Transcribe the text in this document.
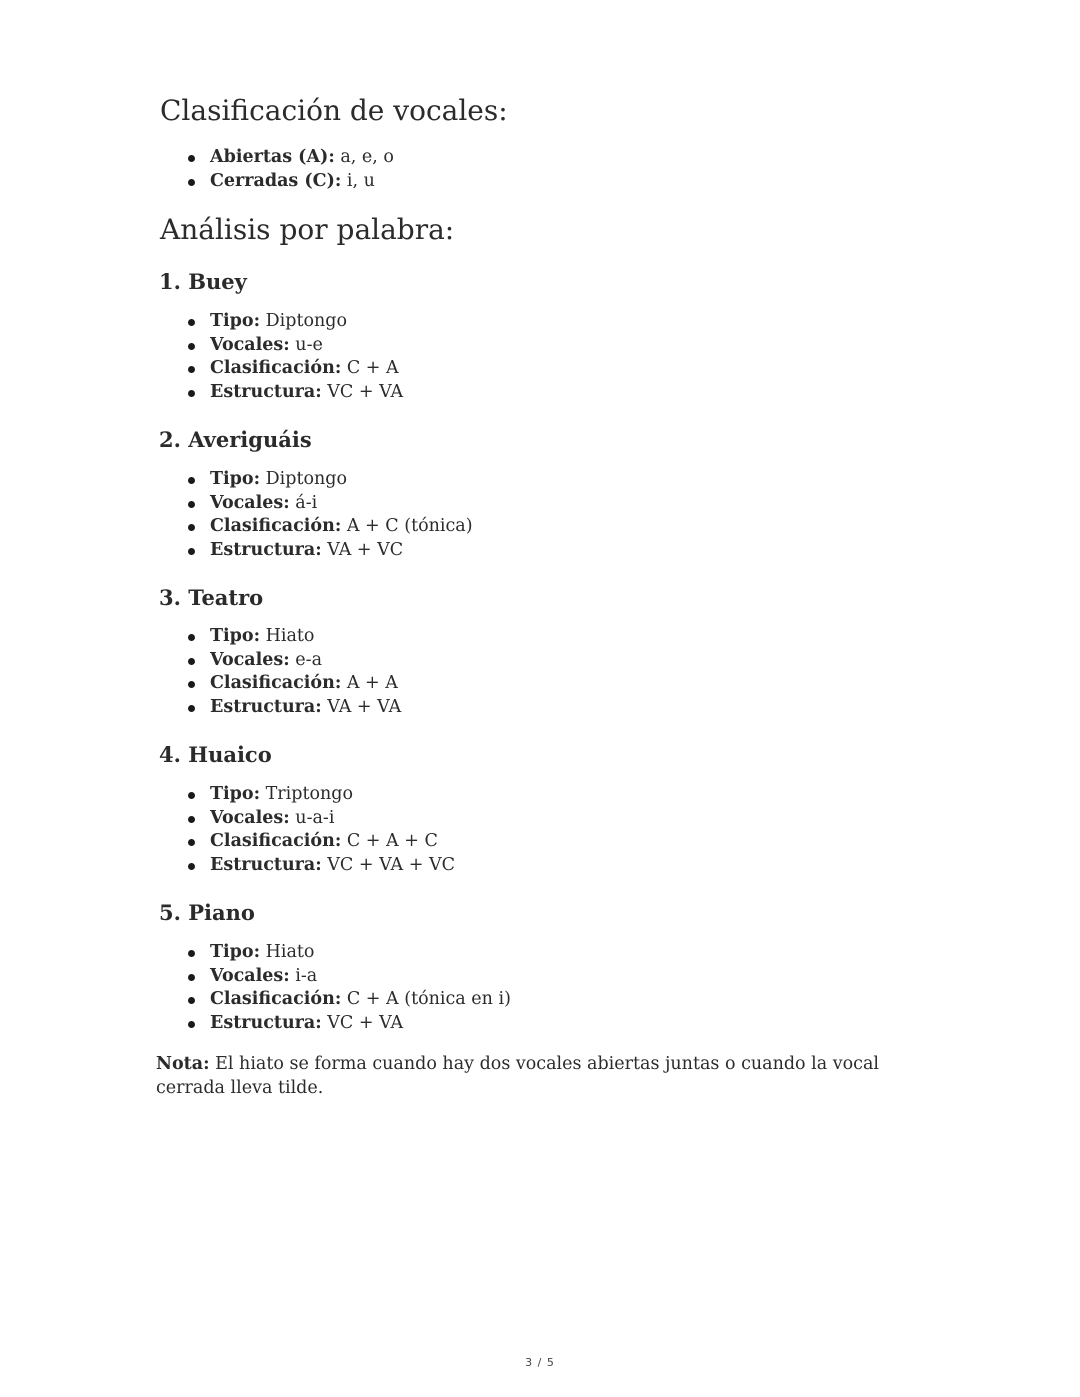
Clasificación de vocales:
Abiertas (A): a, e, o
Cerradas (C): i, u
Análisis por palabra:
1. Buey
Tipo: Diptongo
Vocales: u-e
Clasificación: C + A
Estructura: VC + VA
2. Averiguáis
Tipo: Diptongo
Vocales: á-i
Clasificación: A + C (tónica)
Estructura: VA + VC
3. Teatro
Tipo: Hiato
Vocales: e-a
Clasificación: A + A
Estructura: VA + VA
4. Huaico
Tipo: Triptongo
Vocales: u-a-i
Clasificación: C + A + C
Estructura: VC + VA + VC
5. Piano
Tipo: Hiato
Vocales: i-a
Clasificación: C + A (tónica en i)
Estructura: VC + VA

Nota: El hiato se forma cuando hay dos vocales abiertas juntas o cuando la vocal cerrada lleva tilde.

3 / 5
